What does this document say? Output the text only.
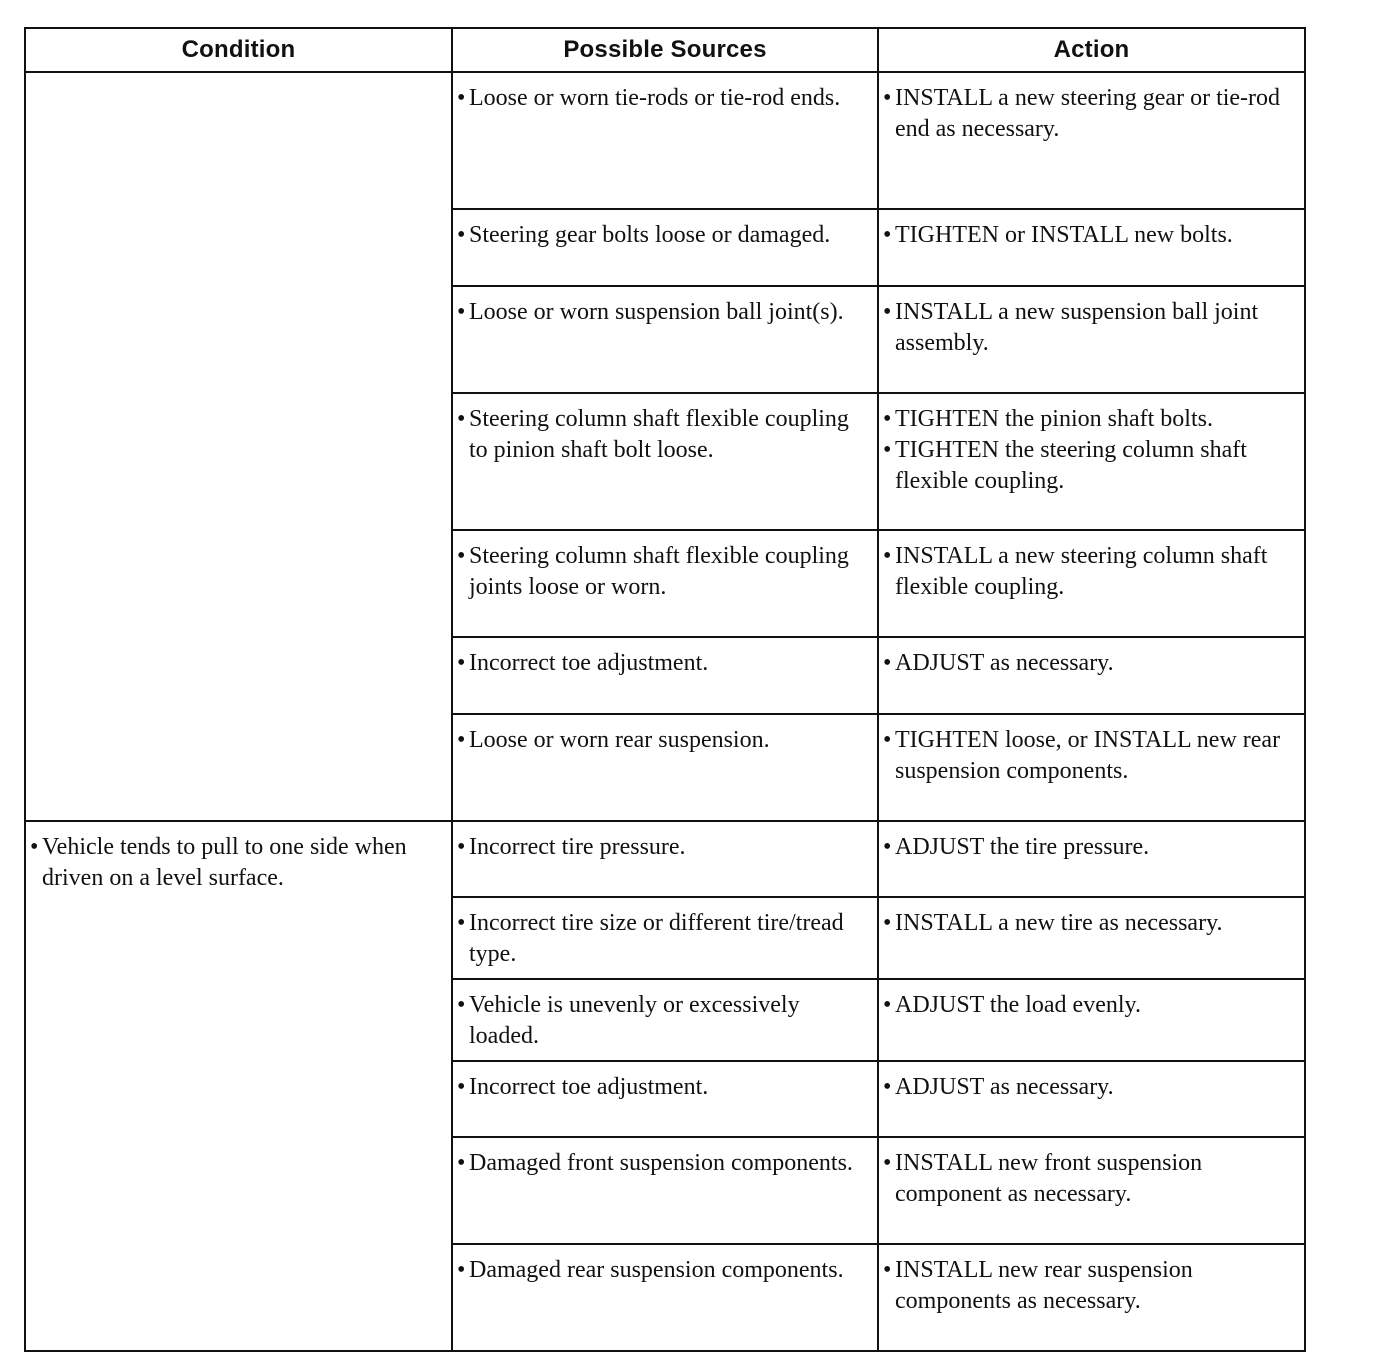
Condition	Possible Sources	Action

	• Loose or worn tie-rods or tie-rod ends.	• INSTALL a new steering gear or tie-rod end as necessary.

	• Steering gear bolts loose or damaged.	• TIGHTEN or INSTALL new bolts.

	• Loose or worn suspension ball joint(s).	• INSTALL a new suspension ball joint assembly.

	• Steering column shaft flexible coupling to pinion shaft bolt loose.	• TIGHTEN the pinion shaft bolts.
• TIGHTEN the steering column shaft flexible coupling.

	• Steering column shaft flexible coupling joints loose or worn.	• INSTALL a new steering column shaft flexible coupling.

	• Incorrect toe adjustment.	• ADJUST as necessary.

	• Loose or worn rear suspension.	• TIGHTEN loose, or INSTALL new rear suspension components.

• Vehicle tends to pull to one side when driven on a level surface.	• Incorrect tire pressure.	• ADJUST the tire pressure.

	• Incorrect tire size or different tire/tread type.	• INSTALL a new tire as necessary.

	• Vehicle is unevenly or excessively loaded.	• ADJUST the load evenly.

	• Incorrect toe adjustment.	• ADJUST as necessary.

	• Damaged front suspension components.	• INSTALL new front suspension component as necessary.

	• Damaged rear suspension components.	• INSTALL new rear suspension components as necessary.
